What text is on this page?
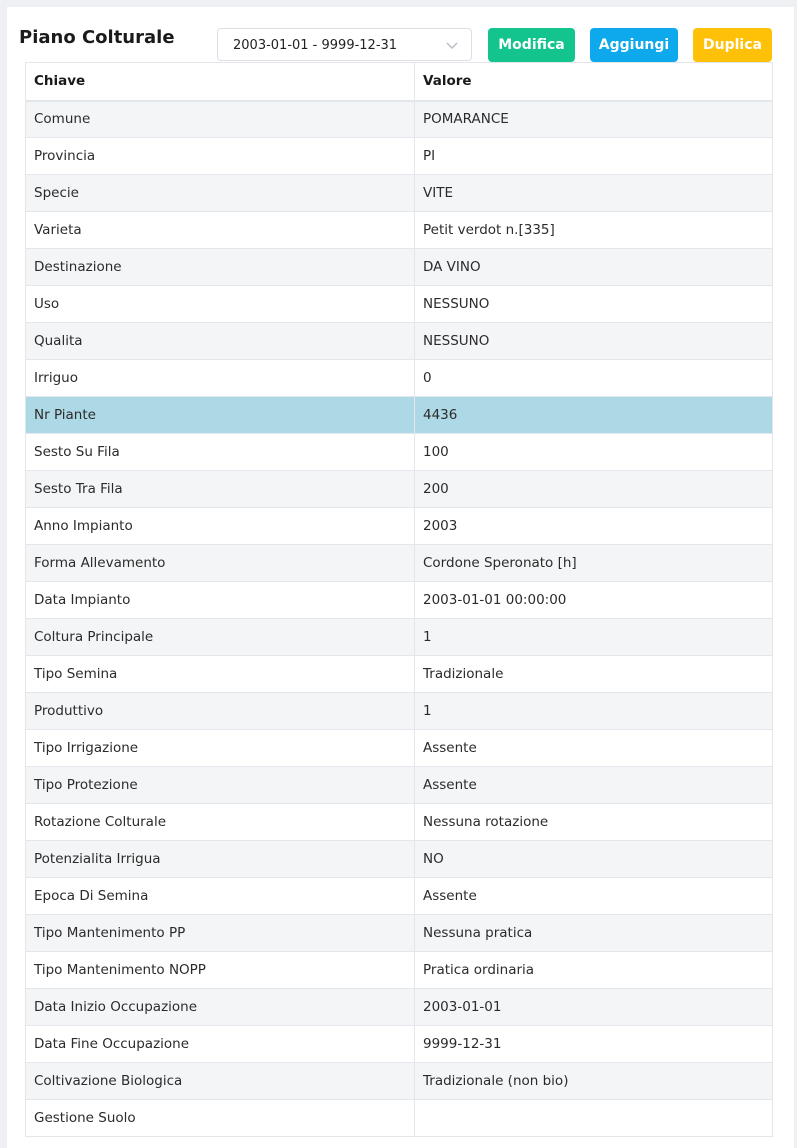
Piano Colturale	2003-01-01 - 9999-12-31	Modifica	Aggiungi	Duplica
Chiave	Valore
Comune	POMARANCE
Provincia	PI
Specie	VITE
Varieta	Petit verdot n.[335]
Destinazione	DA VINO
Uso	NESSUNO
Qualita	NESSUNO
Irriguo	0
Nr Piante	4436
Sesto Su Fila	100
Sesto Tra Fila	200
Anno Impianto	2003
Forma Allevamento	Cordone Speronato [h]
Data Impianto	2003-01-01 00:00:00
Coltura Principale	1
Tipo Semina	Tradizionale
Produttivo	1
Tipo Irrigazione	Assente
Tipo Protezione	Assente
Rotazione Colturale	Nessuna rotazione
Potenzialita Irrigua	NO
Epoca Di Semina	Assente
Tipo Mantenimento PP	Nessuna pratica
Tipo Mantenimento NOPP	Pratica ordinaria
Data Inizio Occupazione	2003-01-01
Data Fine Occupazione	9999-12-31
Coltivazione Biologica	Tradizionale (non bio)
Gestione Suolo	
